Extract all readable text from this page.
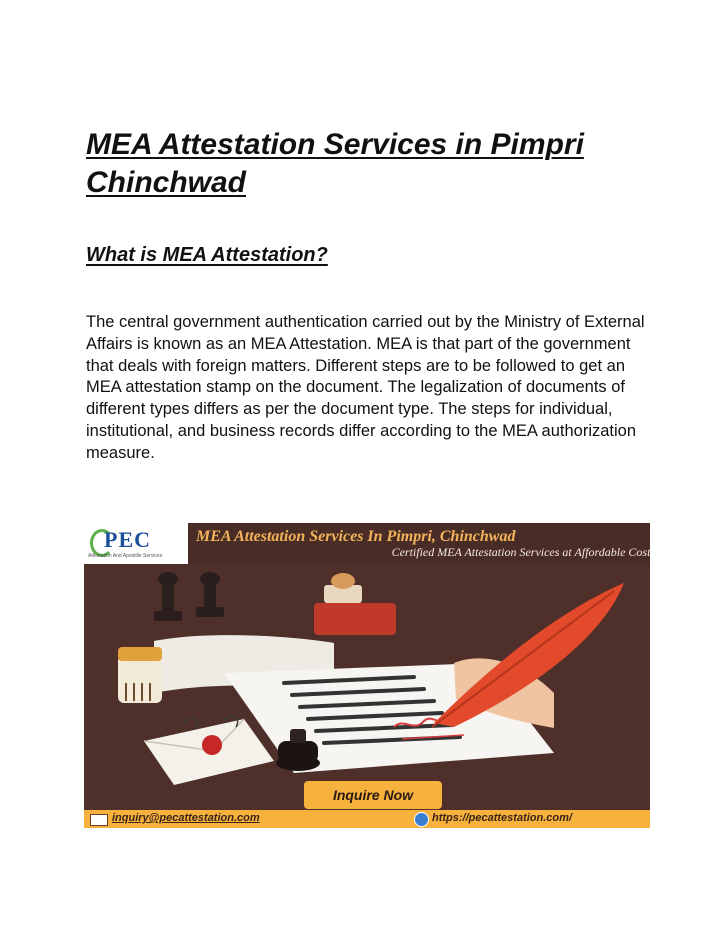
MEA Attestation Services in Pimpri Chinchwad
What is MEA Attestation?

The central government authentication carried out by the Ministry of External Affairs is known as an MEA Attestation. MEA is that part of the government that deals with foreign matters. Different steps are to be followed to get an MEA attestation stamp on the document. The legalization of documents of different types differs as per the document type. The steps for individual, institutional, and business records differ according to the MEA authorization measure.

PEC
Attestation And Apostille Services
MEA Attestation Services In Pimpri, Chinchwad
Certified MEA Attestation Services at Affordable Cost
Inquire Now
inquiry@pecattestation.com	https://pecattestation.com/
